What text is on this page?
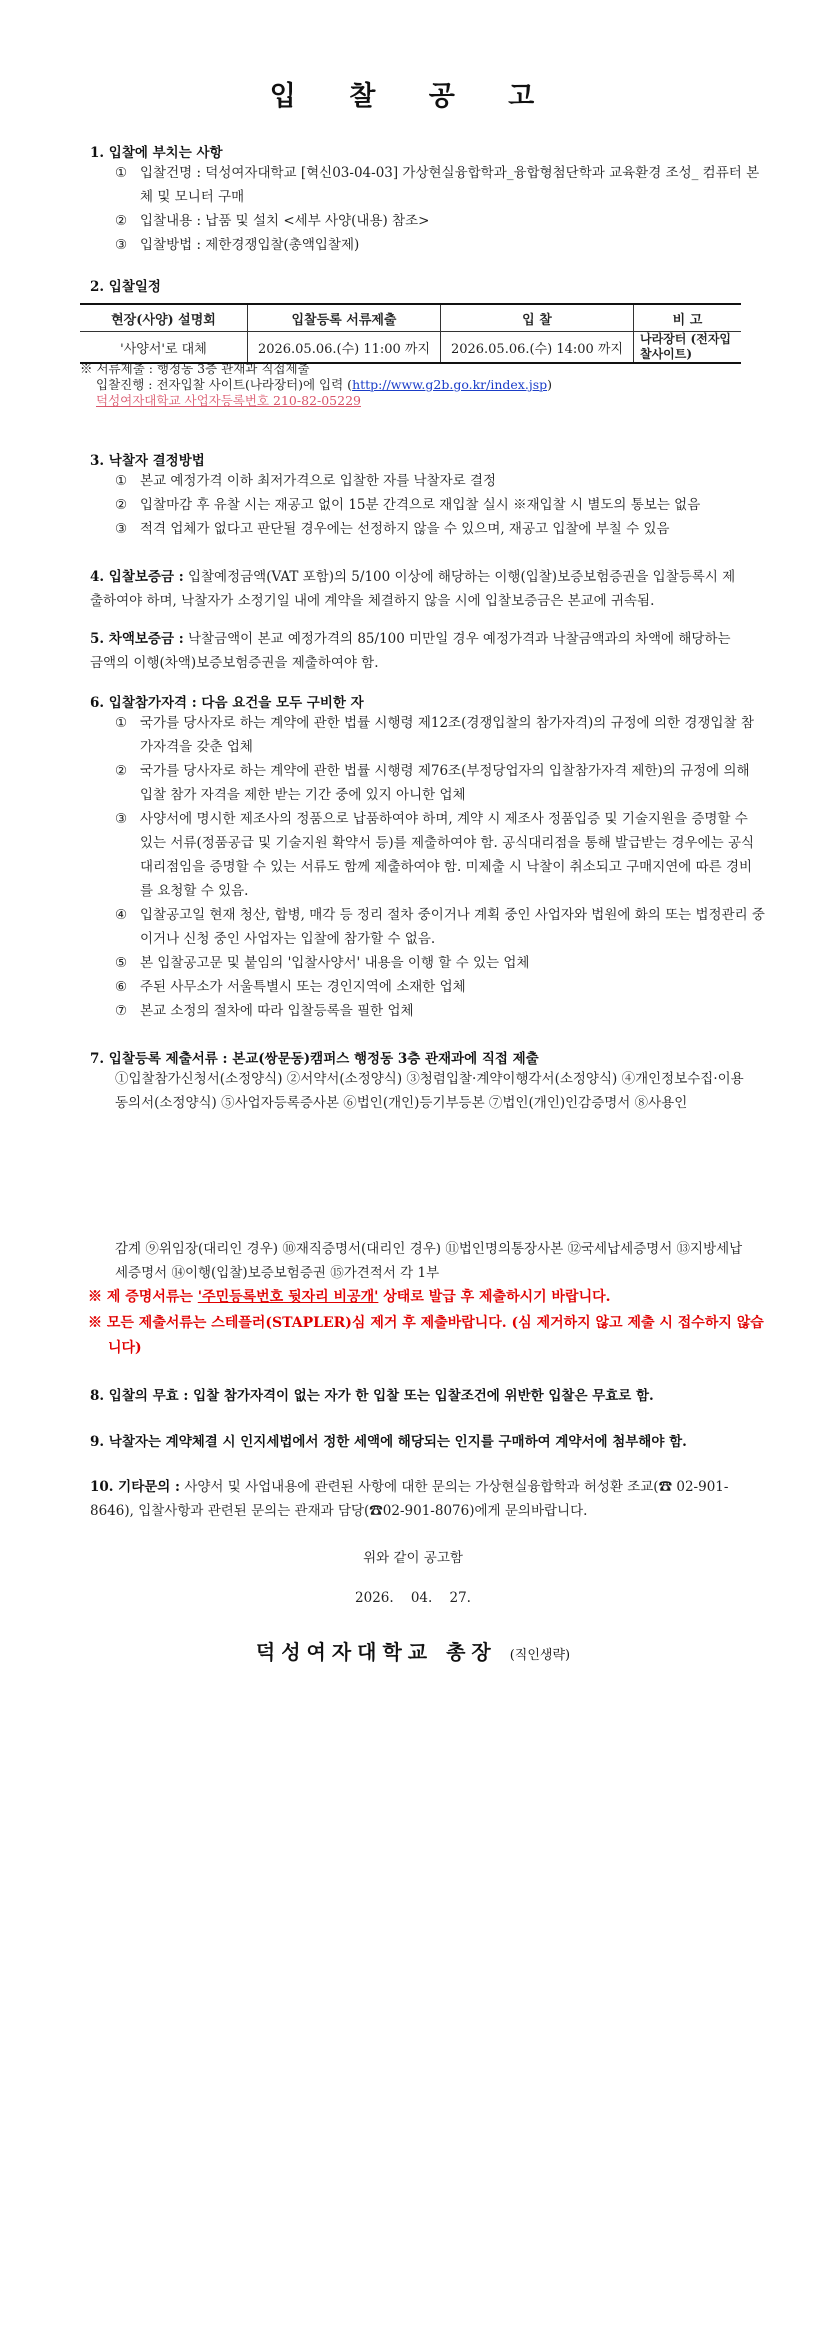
입 찰 공 고
1. 입찰에 부치는 사항
① 입찰건명 : 덕성여자대학교 [혁신03-04-03] 가상현실융합학과_융합형첨단학과 교육환경 조성_ 컴퓨터 본체 및 모니터 구매
② 입찰내용 : 납품 및 설치 <세부 사양(내용) 참조>
③ 입찰방법 : 제한경쟁입찰(총액입찰제)
2. 입찰일정
현장(사양) 설명회	입찰등록 서류제출	입 찰	비 고
'사양서'로 대체	2026.05.06.(수) 11:00 까지	2026.05.06.(수) 14:00 까지	나라장터 (전자입찰사이트)
※ 서류제출 : 행정동 3층 관재과 직접제출
입찰진행 : 전자입찰 사이트(나라장터)에 입력 (http://www.g2b.go.kr/index.jsp)
덕성여자대학교 사업자등록번호 210-82-05229
3. 낙찰자 결정방법
① 본교 예정가격 이하 최저가격으로 입찰한 자를 낙찰자로 결정
② 입찰마감 후 유찰 시는 재공고 없이 15분 간격으로 재입찰 실시 ※재입찰 시 별도의 통보는 없음
③ 적격 업체가 없다고 판단될 경우에는 선정하지 않을 수 있으며, 재공고 입찰에 부칠 수 있음
4. 입찰보증금 : 입찰예정금액(VAT 포함)의 5/100 이상에 해당하는 이행(입찰)보증보험증권을 입찰등록시 제출하여야 하며, 낙찰자가 소정기일 내에 계약을 체결하지 않을 시에 입찰보증금은 본교에 귀속됨.
5. 차액보증금 : 낙찰금액이 본교 예정가격의 85/100 미만일 경우 예정가격과 낙찰금액과의 차액에 해당하는 금액의 이행(차액)보증보험증권을 제출하여야 함.
6. 입찰참가자격 : 다음 요건을 모두 구비한 자
① 국가를 당사자로 하는 계약에 관한 법률 시행령 제12조(경쟁입찰의 참가자격)의 규정에 의한 경쟁입찰 참가자격을 갖춘 업체
② 국가를 당사자로 하는 계약에 관한 법률 시행령 제76조(부정당업자의 입찰참가자격 제한)의 규정에 의해 입찰 참가 자격을 제한 받는 기간 중에 있지 아니한 업체
③ 사양서에 명시한 제조사의 정품으로 납품하여야 하며, 계약 시 제조사 정품입증 및 기술지원을 증명할 수 있는 서류(정품공급 및 기술지원 확약서 등)를 제출하여야 함. 공식대리점을 통해 발급받는 경우에는 공식대리점임을 증명할 수 있는 서류도 함께 제출하여야 함. 미제출 시 낙찰이 취소되고 구매지연에 따른 경비를 요청할 수 있음.
④ 입찰공고일 현재 청산, 합병, 매각 등 정리 절차 중이거나 계획 중인 사업자와 법원에 화의 또는 법정관리 중이거나 신청 중인 사업자는 입찰에 참가할 수 없음.
⑤ 본 입찰공고문 및 붙임의 '입찰사양서' 내용을 이행 할 수 있는 업체
⑥ 주된 사무소가 서울특별시 또는 경인지역에 소재한 업체
⑦ 본교 소정의 절차에 따라 입찰등록을 필한 업체
7. 입찰등록 제출서류 : 본교(쌍문동)캠퍼스 행정동 3층 관재과에 직접 제출
①입찰참가신청서(소정양식) ②서약서(소정양식) ③청렴입찰·계약이행각서(소정양식) ④개인정보수집·이용동의서(소정양식) ⑤사업자등록증사본 ⑥법인(개인)등기부등본 ⑦법인(개인)인감증명서 ⑧사용인
감계 ⑨위임장(대리인 경우) ⑩재직증명서(대리인 경우) ⑪법인명의통장사본 ⑫국세납세증명서 ⑬지방세납세증명서 ⑭이행(입찰)보증보험증권 ⑮가견적서 각 1부
※ 제 증명서류는 '주민등록번호 뒷자리 비공개' 상태로 발급 후 제출하시기 바랍니다.
※ 모든 제출서류는 스테플러(STAPLER)심 제거 후 제출바랍니다. (심 제거하지 않고 제출 시 접수하지 않습니다)
8. 입찰의 무효 : 입찰 참가자격이 없는 자가 한 입찰 또는 입찰조건에 위반한 입찰은 무효로 함.
9. 낙찰자는 계약체결 시 인지세법에서 정한 세액에 해당되는 인지를 구매하여 계약서에 첨부해야 함.
10. 기타문의 : 사양서 및 사업내용에 관련된 사항에 대한 문의는 가상현실융합학과 허성환 조교(☎ 02-901-8646), 입찰사항과 관련된 문의는 관재과 담당(☎02-901-8076)에게 문의바랍니다.
위와 같이 공고함
2026.    04.    27.
덕성여자대학교 총장 (직인생략)
